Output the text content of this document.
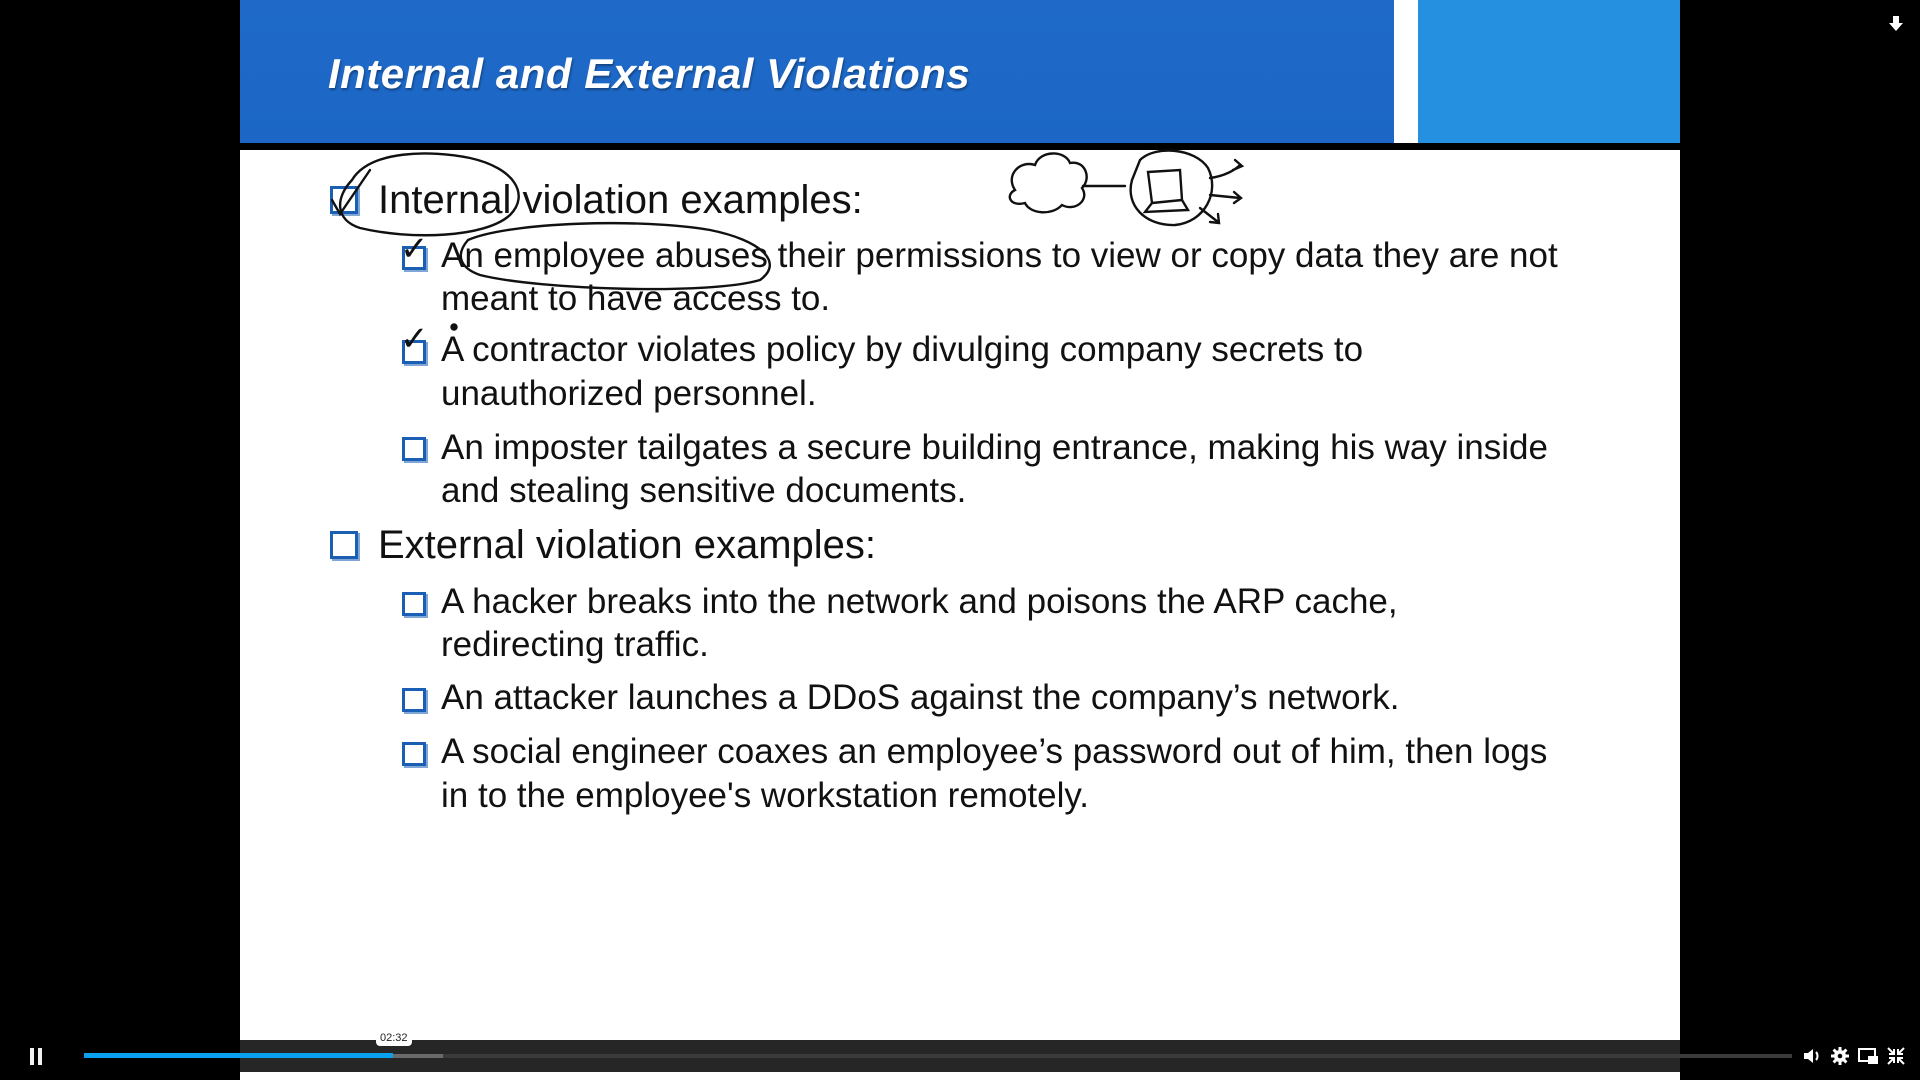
Internal and External Violations
Internal violation examples:
✓ An employee abuses their permissions to view or copy data they are not
meant to have access to.
✓ A contractor violates policy by divulging company secrets to
unauthorized personnel.
An imposter tailgates a secure building entrance, making his way inside
and stealing sensitive documents.
External violation examples:
A hacker breaks into the network and poisons the ARP cache,
redirecting traffic.
An attacker launches a DDoS against the company’s network.
A social engineer coaxes an employee’s password out of him, then logs
in to the employee's workstation remotely.
02:32
